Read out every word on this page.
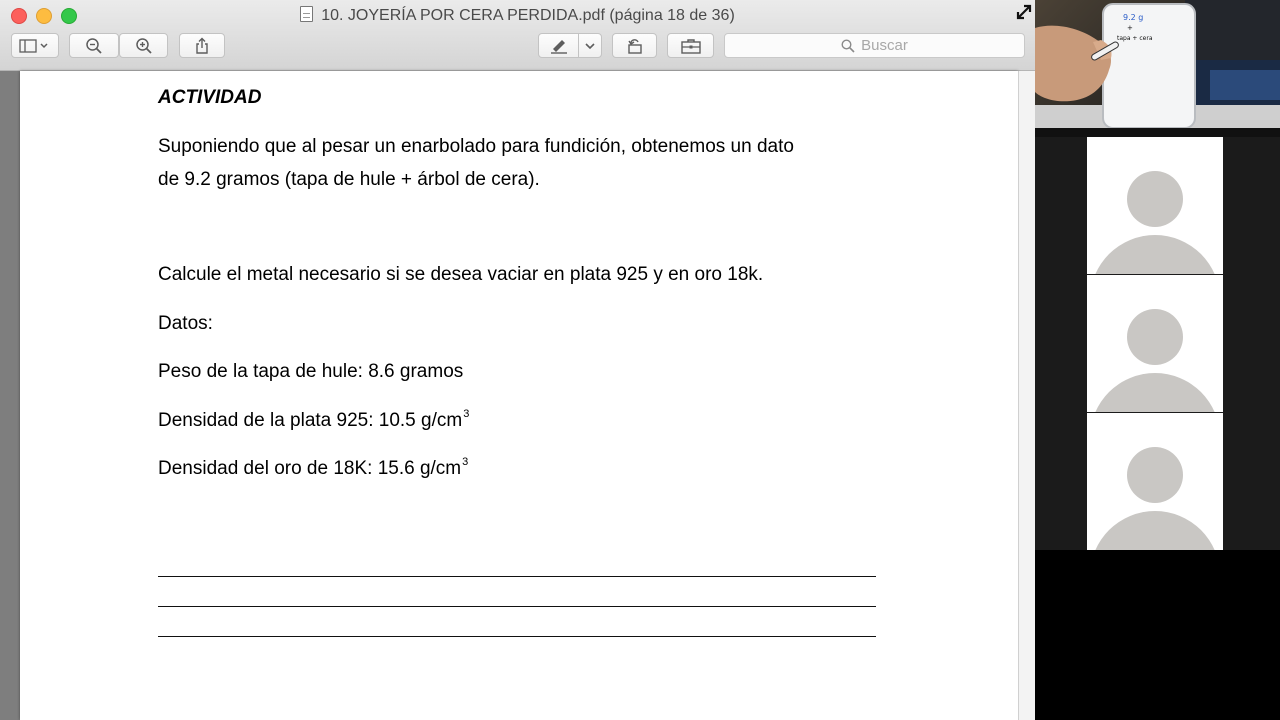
10. JOYERÍA POR CERA PERDIDA.pdf (página 18 de 36)
Buscar
ACTIVIDAD
Suponiendo que al pesar un enarbolado para fundición, obtenemos un dato
de 9.2 gramos (tapa de hule + árbol de cera).
Calcule el metal necesario si se desea vaciar en plata 925 y en oro 18k.
Datos:
Peso de la tapa de hule: 8.6 gramos
Densidad de la plata 925: 10.5 $g/cm^3$
Densidad del oro de 18K: 15.6 $g/cm^3$
9.2 g
+
tapa + cera
